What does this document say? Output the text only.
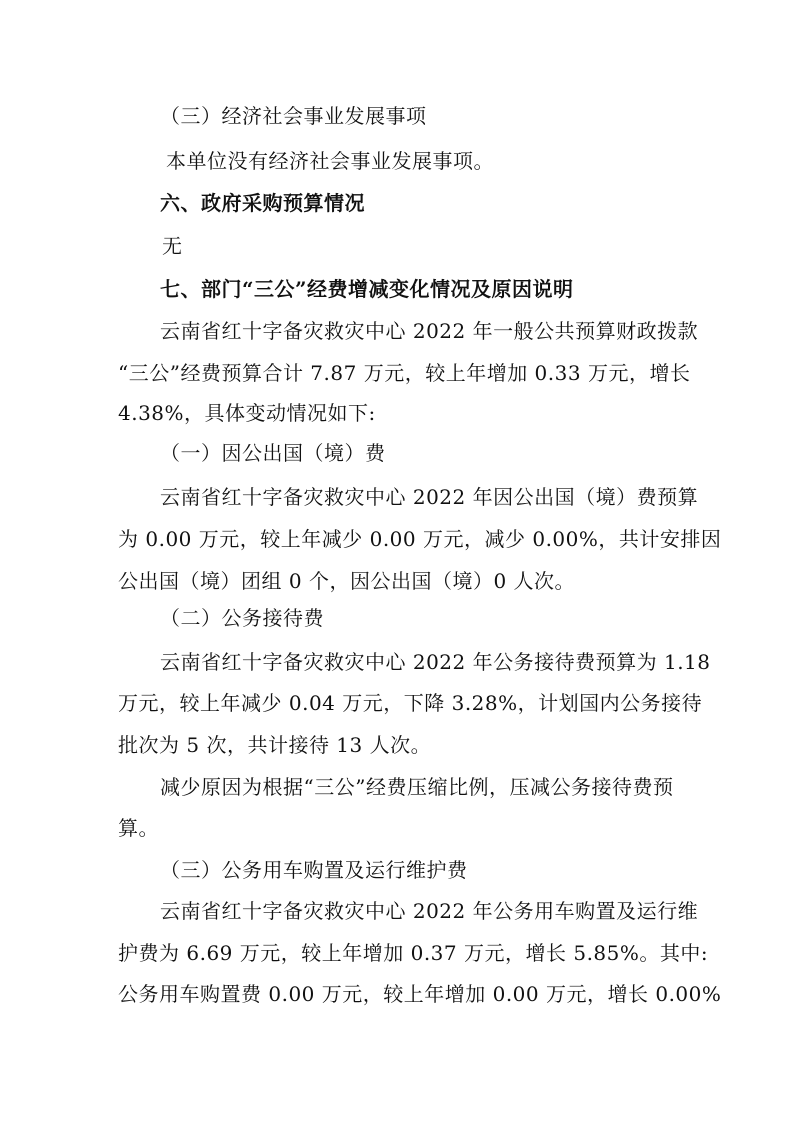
（三）经济社会事业发展事项
本单位没有经济社会事业发展事项。
六、政府采购预算情况
无
七、部门“三公”经费增减变化情况及原因说明
云南省红十字备灾救灾中心 2022 年一般公共预算财政拨款
“三公”经费预算合计 7.87 万元，较上年增加 0.33 万元，增长
4.38%，具体变动情况如下:
（一）因公出国（境）费
云南省红十字备灾救灾中心 2022 年因公出国（境）费预算
为 0.00 万元，较上年减少 0.00 万元，减少 0.00%，共计安排因
公出国（境）团组 0 个，因公出国（境）0 人次。
（二）公务接待费
云南省红十字备灾救灾中心 2022 年公务接待费预算为 1.18
万元，较上年减少 0.04 万元，下降 3.28%，计划国内公务接待
批次为 5 次，共计接待 13 人次。
减少原因为根据“三公”经费压缩比例，压减公务接待费预
算。
（三）公务用车购置及运行维护费
云南省红十字备灾救灾中心 2022 年公务用车购置及运行维
护费为 6.69 万元，较上年增加 0.37 万元，增长 5.85%。其中:
公务用车购置费 0.00 万元，较上年增加 0.00 万元，增长 0.00%
